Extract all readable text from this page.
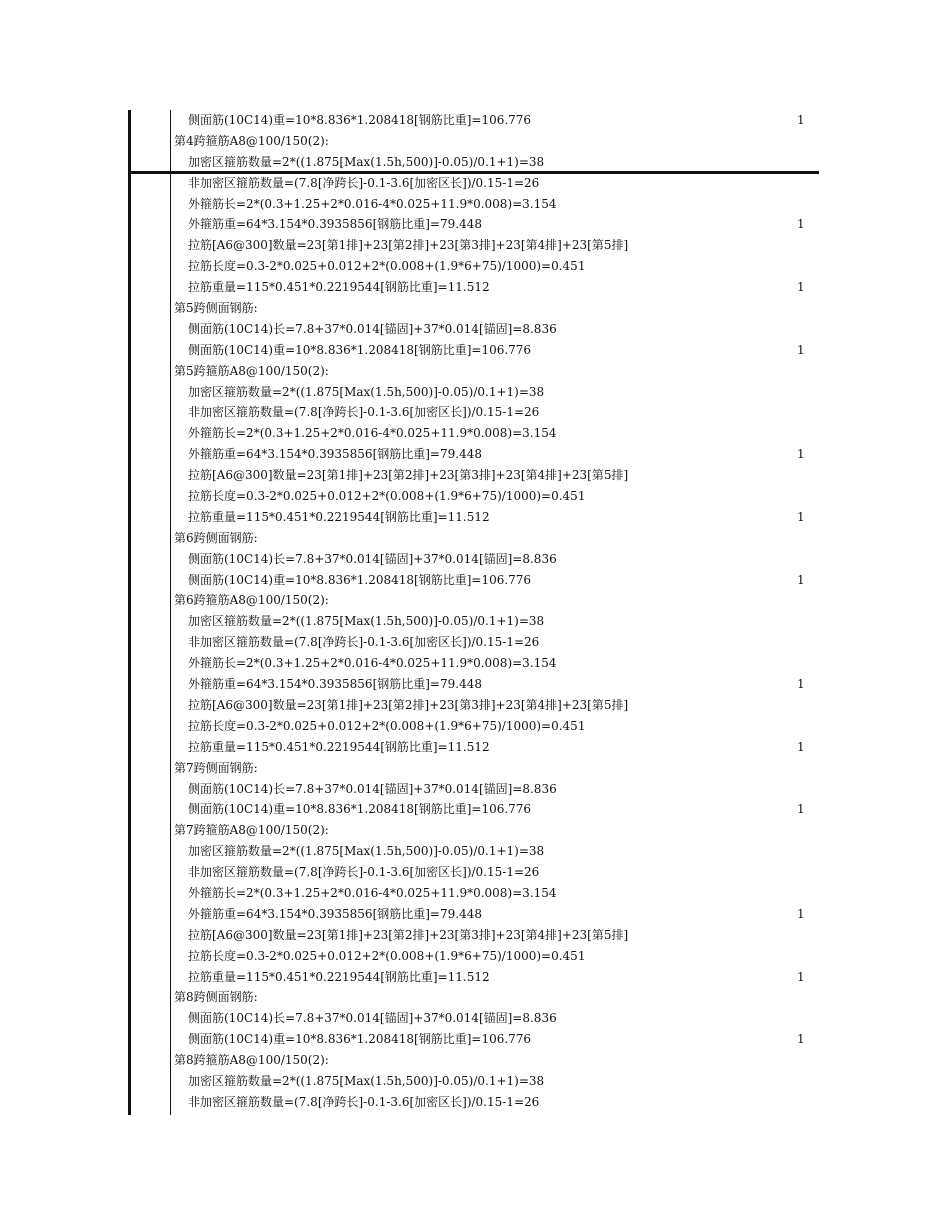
侧面筋(10C14)重=10*8.836*1.208418[钢筋比重]=106.776	1
第4跨箍筋A8@100/150(2):
加密区箍筋数量=2*((1.875[Max(1.5h,500)]-0.05)/0.1+1)=38
非加密区箍筋数量=(7.8[净跨长]-0.1-3.6[加密区长])/0.15-1=26
外箍筋长=2*(0.3+1.25+2*0.016-4*0.025+11.9*0.008)=3.154
外箍筋重=64*3.154*0.3935856[钢筋比重]=79.448	1
拉筋[A6@300]数量=23[第1排]+23[第2排]+23[第3排]+23[第4排]+23[第5排]
拉筋长度=0.3-2*0.025+0.012+2*(0.008+(1.9*6+75)/1000)=0.451
拉筋重量=115*0.451*0.2219544[钢筋比重]=11.512	1
第5跨侧面钢筋:
侧面筋(10C14)长=7.8+37*0.014[锚固]+37*0.014[锚固]=8.836
侧面筋(10C14)重=10*8.836*1.208418[钢筋比重]=106.776	1
第5跨箍筋A8@100/150(2):
加密区箍筋数量=2*((1.875[Max(1.5h,500)]-0.05)/0.1+1)=38
非加密区箍筋数量=(7.8[净跨长]-0.1-3.6[加密区长])/0.15-1=26
外箍筋长=2*(0.3+1.25+2*0.016-4*0.025+11.9*0.008)=3.154
外箍筋重=64*3.154*0.3935856[钢筋比重]=79.448	1
拉筋[A6@300]数量=23[第1排]+23[第2排]+23[第3排]+23[第4排]+23[第5排]
拉筋长度=0.3-2*0.025+0.012+2*(0.008+(1.9*6+75)/1000)=0.451
拉筋重量=115*0.451*0.2219544[钢筋比重]=11.512	1
第6跨侧面钢筋:
侧面筋(10C14)长=7.8+37*0.014[锚固]+37*0.014[锚固]=8.836
侧面筋(10C14)重=10*8.836*1.208418[钢筋比重]=106.776	1
第6跨箍筋A8@100/150(2):
加密区箍筋数量=2*((1.875[Max(1.5h,500)]-0.05)/0.1+1)=38
非加密区箍筋数量=(7.8[净跨长]-0.1-3.6[加密区长])/0.15-1=26
外箍筋长=2*(0.3+1.25+2*0.016-4*0.025+11.9*0.008)=3.154
外箍筋重=64*3.154*0.3935856[钢筋比重]=79.448	1
拉筋[A6@300]数量=23[第1排]+23[第2排]+23[第3排]+23[第4排]+23[第5排]
拉筋长度=0.3-2*0.025+0.012+2*(0.008+(1.9*6+75)/1000)=0.451
拉筋重量=115*0.451*0.2219544[钢筋比重]=11.512	1
第7跨侧面钢筋:
侧面筋(10C14)长=7.8+37*0.014[锚固]+37*0.014[锚固]=8.836
侧面筋(10C14)重=10*8.836*1.208418[钢筋比重]=106.776	1
第7跨箍筋A8@100/150(2):
加密区箍筋数量=2*((1.875[Max(1.5h,500)]-0.05)/0.1+1)=38
非加密区箍筋数量=(7.8[净跨长]-0.1-3.6[加密区长])/0.15-1=26
外箍筋长=2*(0.3+1.25+2*0.016-4*0.025+11.9*0.008)=3.154
外箍筋重=64*3.154*0.3935856[钢筋比重]=79.448	1
拉筋[A6@300]数量=23[第1排]+23[第2排]+23[第3排]+23[第4排]+23[第5排]
拉筋长度=0.3-2*0.025+0.012+2*(0.008+(1.9*6+75)/1000)=0.451
拉筋重量=115*0.451*0.2219544[钢筋比重]=11.512	1
第8跨侧面钢筋:
侧面筋(10C14)长=7.8+37*0.014[锚固]+37*0.014[锚固]=8.836
侧面筋(10C14)重=10*8.836*1.208418[钢筋比重]=106.776	1
第8跨箍筋A8@100/150(2):
加密区箍筋数量=2*((1.875[Max(1.5h,500)]-0.05)/0.1+1)=38
非加密区箍筋数量=(7.8[净跨长]-0.1-3.6[加密区长])/0.15-1=26
